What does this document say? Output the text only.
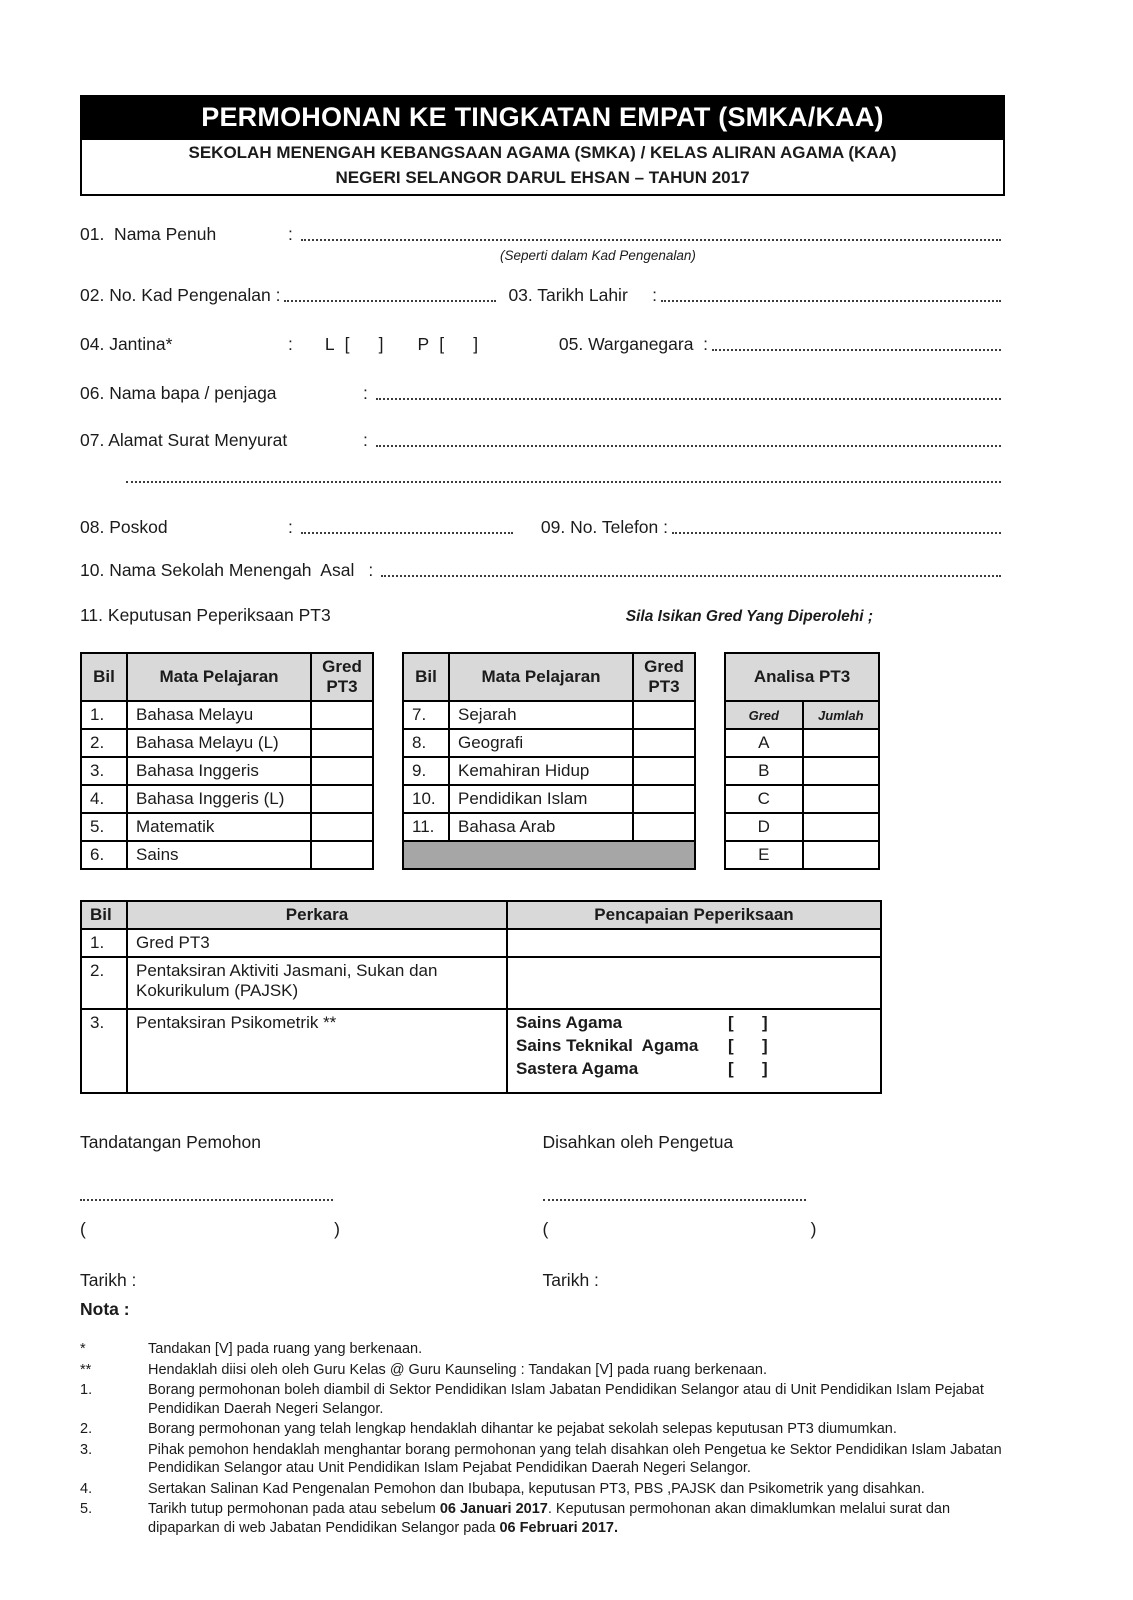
PERMOHONAN KE TINGKATAN EMPAT (SMKA/KAA)
SEKOLAH MENENGAH KEBANGSAAN AGAMA (SMKA) / KELAS ALIRAN AGAMA (KAA)
NEGERI SELANGOR DARUL EHSAN – TAHUN 2017
01.  Nama Penuh	:
(Seperti dalam Kad Pengenalan)
02. No. Kad Pengenalan :	03. Tarikh Lahir     :
04. Jantina*	: L [      ] P [      ]	05. Warganegara  :
06. Nama bapa / penjaga	:
07. Alamat Surat Menyurat	:
08. Poskod	:	09. No. Telefon :
10. Nama Sekolah Menengah  Asal :
11. Keputusan Peperiksaan PT3	Sila Isikan Gred Yang Diperolehi ;
Bil	Mata Pelajaran	Gred PT3
1.	Bahasa Melayu	
2.	Bahasa Melayu (L)	
3.	Bahasa Inggeris	
4.	Bahasa Inggeris (L)	
5.	Matematik	
6.	Sains	
Bil	Mata Pelajaran	Gred PT3
7.	Sejarah	
8.	Geografi	
9.	Kemahiran Hidup	
10.	Pendidikan Islam	
11.	Bahasa Arab	

Analisa PT3	
Gred	Jumlah
A	
B	
C	
D	
E	
Bil	Perkara	Pencapaian Peperiksaan
1.	Gred PT3	
2.	Pentaksiran Aktiviti Jasmani, Sukan dan Kokurikulum (PAJSK)	
3.	Pentaksiran Psikometrik **	Sains Agama	[      ]
Sains Teknikal  Agama	[      ]
Sastera Agama	[      ]
Tandatangan Pemohon
(	)
Tarikh :
Disahkan oleh Pengetua
(	)
Tarikh :
Nota :
*	Tandakan [V] pada ruang yang berkenaan.
**	Hendaklah diisi oleh oleh Guru Kelas @ Guru Kaunseling : Tandakan [V] pada ruang berkenaan.
1.	Borang permohonan boleh diambil di Sektor Pendidikan Islam Jabatan Pendidikan Selangor atau di Unit Pendidikan Islam Pejabat Pendidikan Daerah Negeri Selangor.
2.	Borang permohonan yang telah lengkap hendaklah dihantar ke pejabat sekolah selepas keputusan PT3 diumumkan.
3.	Pihak pemohon hendaklah menghantar borang permohonan yang telah disahkan oleh Pengetua ke Sektor Pendidikan Islam Jabatan Pendidikan Selangor atau Unit Pendidikan Islam Pejabat Pendidikan Daerah Negeri Selangor.
4.	Sertakan Salinan Kad Pengenalan Pemohon dan Ibubapa, keputusan PT3, PBS ,PAJSK dan Psikometrik yang disahkan.
5.	Tarikh tutup permohonan pada atau sebelum 06 Januari 2017. Keputusan permohonan akan dimaklumkan melalui surat dan dipaparkan di web Jabatan Pendidikan Selangor pada 06 Februari 2017.
